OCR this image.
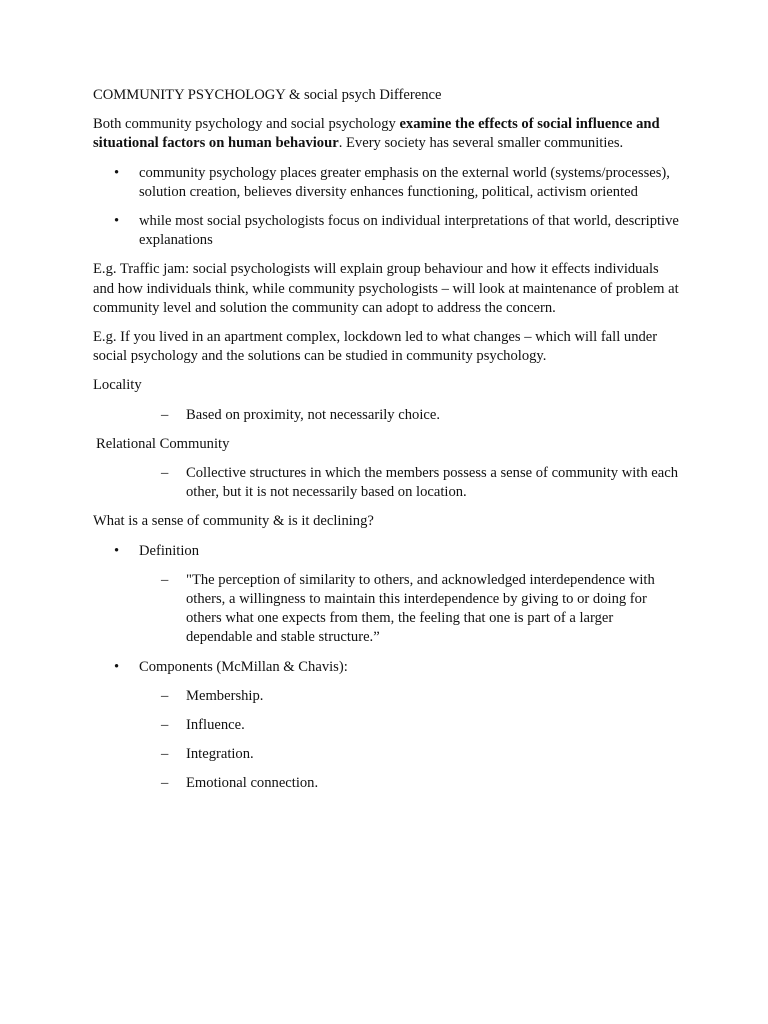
COMMUNITY PSYCHOLOGY & social psych Difference

Both community psychology and social psychology examine the effects of social influence and situational factors on human behaviour. Every society has several smaller communities.

• community psychology places greater emphasis on the external world (systems/processes), solution creation, believes diversity enhances functioning, political, activism oriented
• while most social psychologists focus on individual interpretations of that world, descriptive explanations

E.g. Traffic jam: social psychologists will explain group behaviour and how it effects individuals and how individuals think, while community psychologists – will look at maintenance of problem at community level and solution the community can adopt to address the concern.

E.g. If you lived in an apartment complex, lockdown led to what changes – which will fall under social psychology and the solutions can be studied in community psychology.

Locality

– Based on proximity, not necessarily choice.

Relational Community

– Collective structures in which the members possess a sense of community with each other, but it is not necessarily based on location.

What is a sense of community & is it declining?

• Definition
– "The perception of similarity to others, and acknowledged interdependence with others, a willingness to maintain this interdependence by giving to or doing for others what one expects from them, the feeling that one is part of a larger dependable and stable structure.”
• Components (McMillan & Chavis):
– Membership.
– Influence.
– Integration.
– Emotional connection.
